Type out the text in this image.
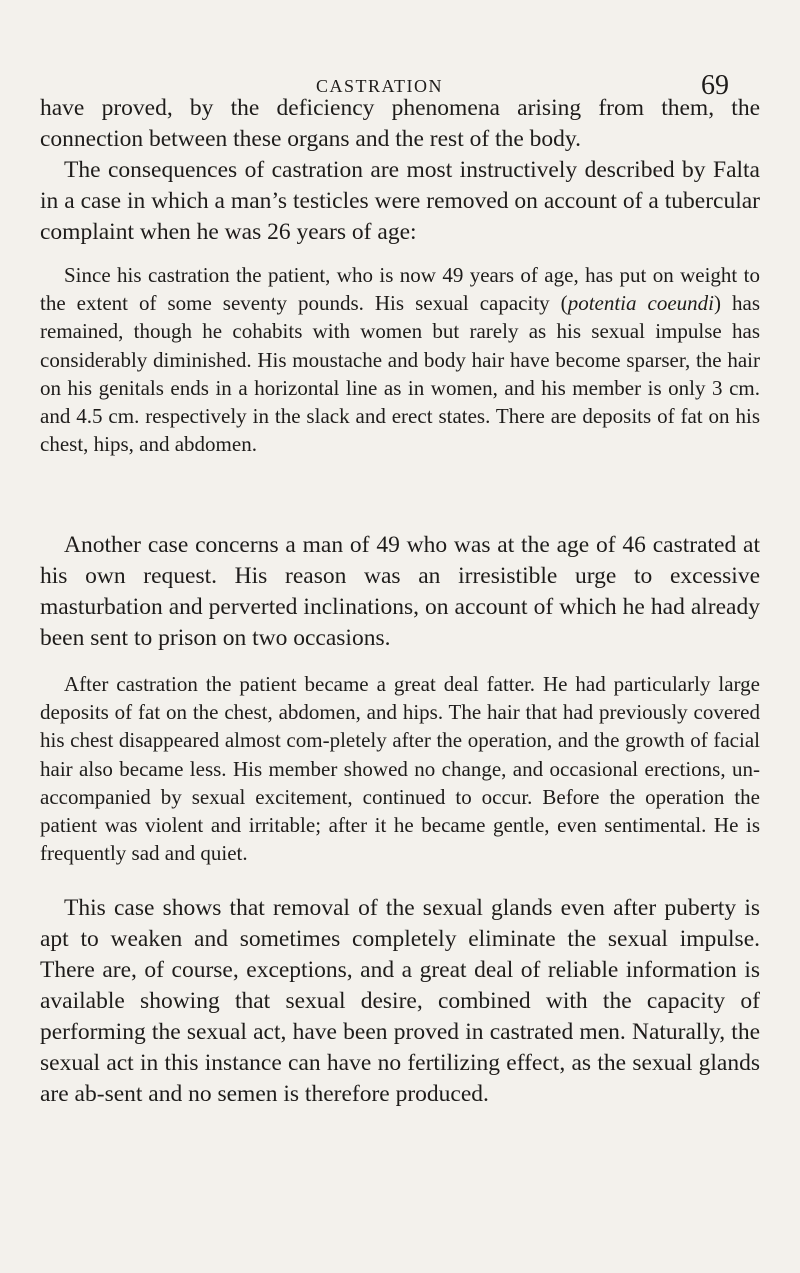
CASTRATION	69

have proved, by the deficiency phenomena arising from them, the connection between these organs and the rest of the body.

The consequences of castration are most instructively described by Falta in a case in which a man’s testicles were removed on account of a tubercular complaint when he was 26 years of age:

Since his castration the patient, who is now 49 years of age, has put on weight to the extent of some seventy pounds. His sexual capacity (potentia coeundi) has remained, though he cohabits with women but rarely as his sexual impulse has considerably diminished. His moustache and body hair have become sparser, the hair on his genitals ends in a horizontal line as in women, and his member is only 3 cm. and 4.5 cm. respectively in the slack and erect states. There are deposits of fat on his chest, hips, and abdomen.

Another case concerns a man of 49 who was at the age of 46 castrated at his own request. His reason was an irresistible urge to excessive masturbation and perverted inclinations, on account of which he had already been sent to prison on two occasions.

After castration the patient became a great deal fatter. He had particularly large deposits of fat on the chest, abdomen, and hips. The hair that had previously covered his chest disappeared almost com-pletely after the operation, and the growth of facial hair also became less. His member showed no change, and occasional erections, un-accompanied by sexual excitement, continued to occur. Before the operation the patient was violent and irritable; after it he became gentle, even sentimental. He is frequently sad and quiet.

This case shows that removal of the sexual glands even after puberty is apt to weaken and sometimes completely eliminate the sexual impulse. There are, of course, exceptions, and a great deal of reliable information is available showing that sexual desire, combined with the capacity of performing the sexual act, have been proved in castrated men. Naturally, the sexual act in this instance can have no fertilizing effect, as the sexual glands are ab-sent and no semen is therefore produced.
